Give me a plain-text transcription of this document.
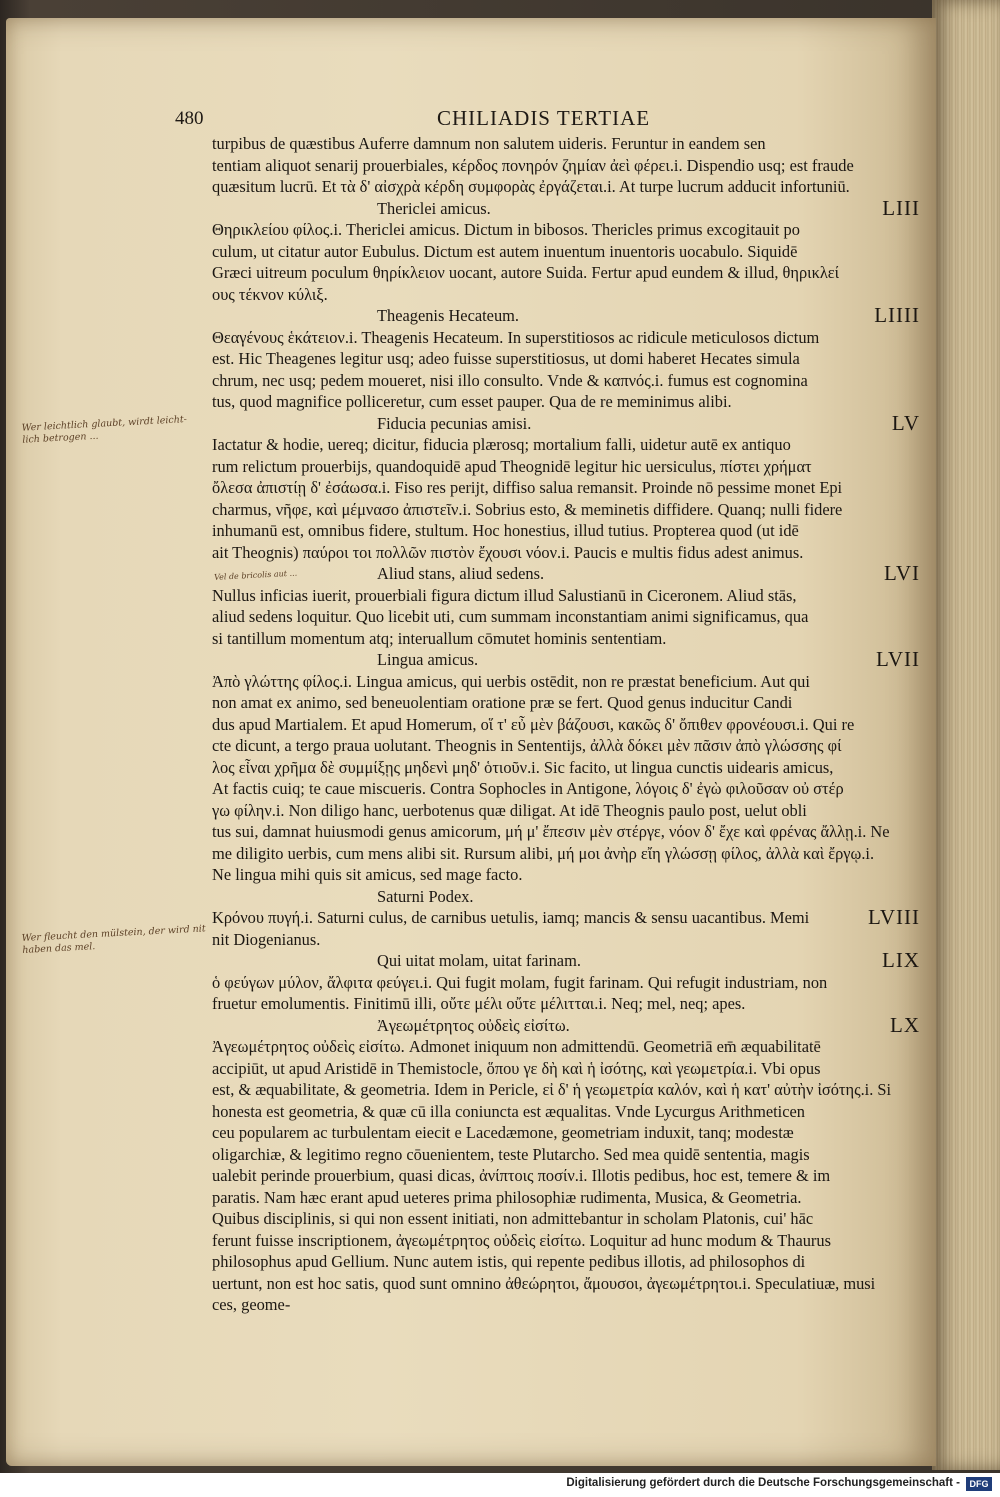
480	CHILIADIS TERTIAE
turpibus de quæstibus Auferre damnum non salutem uideris. Feruntur in eandem sen
tentiam aliquot senarij prouerbiales, κέρδος πονηρόν ζημίαν ἀεὶ φέρει.i. Dispendio usq; est fraude
quæsitum lucrū. Et τὰ δ' αἰσχρὰ κέρδη συμφορὰς ἐργάζεται.i. At turpe lucrum adducit infortuniū.
LIII
Therіclei amicus.
Θηρικλείου φίλος.i. Thericlei amicus. Dictum in bibosos. Thericles primus excogitauit po
culum, ut citatur autor Eubulus. Dictum est autem inuentum inuentoris uocabulo. Siquidē
Græci uitreum poculum θηρίκλειον uocant, autore Suida. Fertur apud eundem & illud, θηρικλεί
ους τέκνον κύλιξ.
LIIII
Theagenis Hecateum.
Θεαγένους ἑκάτειον.i. Theagenis Hecateum. In superstitiosos ac ridicule meticulosos dictum
est. Hic Theagenes legitur usq; adeo fuisse superstitiosus, ut domi haberet Hecates simula
chrum, nec usq; pedem moueret, nisi illo consulto. Vnde & καπνός.i. fumus est cognomina
tus, quod magnifice polliceretur, cum esset pauper. Qua de re meminimus alibi.
LV
Fiducia pecunias amisi.
Iactatur & hodie, uereq; dicitur, fiducia plærosq; mortalium falli, uidetur autē ex antiquo
rum relictum prouerbijs, quandoquidē apud Theognidē legitur hic uersiculus, πίστει χρήματ
ὄλεσα ἀπιστίῃ δ' ἐσάωσα.i. Fiso res perijt, diffiso salua remansit. Proinde nō pessime monet Epi
charmus, νῆφε, καὶ μέμνασο ἀπιστεῖν.i. Sobrius esto, & meminetis diffidere. Quanq; nulli fidere
inhumanū est, omnibus fidere, stultum. Hoc honestius, illud tutius. Propterea quod (ut idē
ait Theognis) παύροι τοι πολλῶν πιστὸν ἔχουσι νόον.i. Paucis e multis fidus adest animus.
LVI
Aliud stans, aliud sedens.
Nullus inficias iuerit, prouerbiali figura dictum illud Salustianū in Ciceronem. Aliud stās,
aliud sedens loquitur. Quo licebit uti, cum summam inconstantiam animi significamus, qua
si tantillum momentum atq; interuallum cōmutet hominis sententiam.
LVII
Lingua amicus.
Ἀπὸ γλώττης φίλος.i. Lingua amicus, qui uerbis ostēdit, non re præstat beneficium. Aut qui
non amat ex animo, sed beneuolentiam oratione præ se fert. Quod genus inducitur Candi
dus apud Martialem. Et apud Homerum, οἵ τ' εὖ μὲν βάζουσι, κακῶς δ' ὄπιθεν φρονέουσι.i. Qui re
cte dicunt, a tergo praua uolutant. Theognis in Sententijs, ἀλλὰ δόκει μὲν πᾶσιν ἀπὸ γλώσσης φί
λος εἶναι χρῆμα δὲ συμμίξῃς μηδενὶ μηδ' ὁτιοῦν.i. Sic facito, ut lingua cunctis uidearis amicus,
At factis cuiq; te caue miscueris. Contra Sophocles in Antigone, λόγοις δ' ἐγὼ φιλοῦσαν οὐ στέρ
γω φίλην.i. Non diligo hanc, uerbotenus quæ diligat. At idē Theognis paulo post, uelut obli
tus sui, damnat huiusmodi genus amicorum, μή μ' ἔπεσιν μὲν στέργε, νόον δ' ἔχε καὶ φρένας ἄλλῃ.i. Ne
me diligito uerbis, cum mens alibi sit. Rursum alibi, μή μοι ἀνὴρ εἴη γλώσσῃ φίλος, ἀλλὰ καὶ ἔργῳ.i.
Ne lingua mihi quis sit amicus, sed mage facto.
Saturni Podex.
LVIII
Κρόνου πυγή.i. Saturni culus, de carnibus uetulis, iamq; mancis & sensu uacantibus. Memi
nit Diogenianus.
LIX
Qui uitat molam, uitat farinam.
ὁ φεύγων μύλον, ἄλφιτα φεύγει.i. Qui fugit molam, fugit farinam. Qui refugit industriam, non
fruetur emolumentis. Finitimū illi, οὔτε μέλι οὔτε μέλιτται.i. Neq; mel, neq; apes.
LX
Ἀγεωμέτρητος οὐδεὶς εἰσίτω.
Ἀγεωμέτρητος οὐδεὶς εἰσίτω. Admonet iniquum non admittendū. Geometriā em̄ æquabilitatē
accipiūt, ut apud Aristidē in Themistocle, ὅπου γε δὴ καὶ ἡ ἰσότης, καὶ γεωμετρία.i. Vbi opus
est, & æquabilitate, & geometria. Idem in Pericle, εἰ δ' ἡ γεωμετρία καλόν, καὶ ἡ κατ' αὐτὴν ἰσότης.i. Si
honesta est geometria, & quæ cū illa coniuncta est æqualitas. Vnde Lycurgus Arithmeticen
ceu popularem ac turbulentam eiecit e Lacedæmone, geometriam induxit, tanq; modestæ
oligarchiæ, & legitimo regno cōuenientem, teste Plutarcho. Sed mea quidē sententia, magis
ualebit perinde prouerbium, quasi dicas, ἀνίπτοις ποσίν.i. Illotis pedibus, hoc est, temere & im
paratis. Nam hæc erant apud ueteres prima philosophiæ rudimenta, Musica, & Geometria.
Quibus disciplinis, si qui non essent initiati, non admittebantur in scholam Platonis, cui' hāc
ferunt fuisse inscriptionem, ἀγεωμέτρητος οὐδεὶς εἰσίτω. Loquitur ad hunc modum & Thaurus
philosophus apud Gellium. Nunc autem istis, qui repente pedibus illotis, ad philosophos di
uertunt, non est hoc satis, quod sunt omnino ἀθεώρητοι, ἄμουσοι, ἀγεωμέτρητοι.i. Speculatiuæ, musi
ces, geome-
Wer leichtlich glaubt, wirdt leicht- lich betrogen ...
Wer fleucht den mülstein, der wird nit haben das mel.
Vel de bricolis aut ...
Digitalisierung gefördert durch die Deutsche Forschungsgemeinschaft -	DFG
